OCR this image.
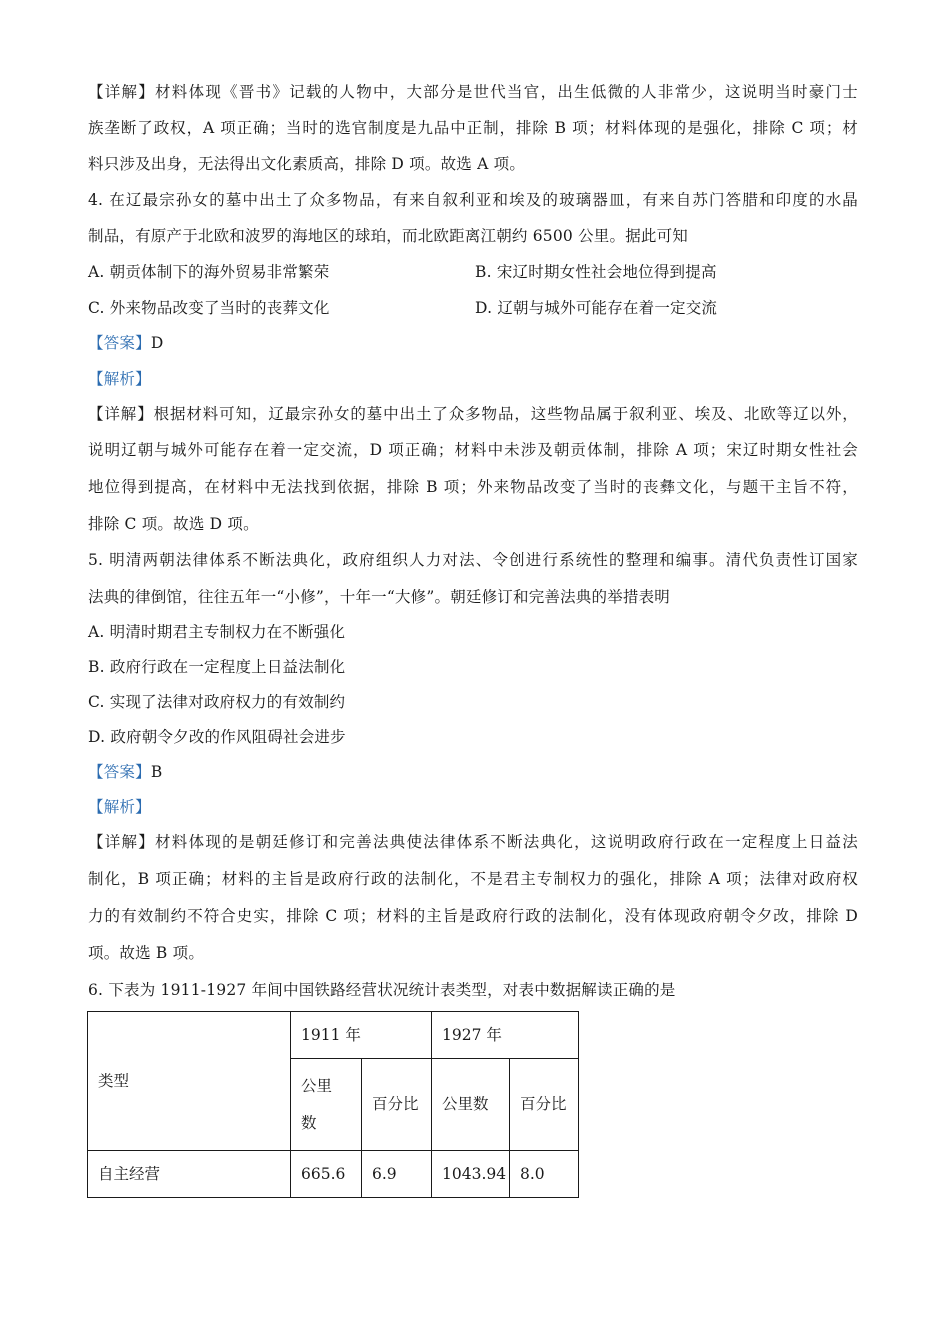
【详解】材料体现《晋书》记载的人物中，大部分是世代当官，出生低微的人非常少，这说明当时豪门士
族垄断了政权，A 项正确；当时的选官制度是九品中正制，排除 B 项；材料体现的是强化，排除 C 项；材
料只涉及出身，无法得出文化素质高，排除 D 项。故选 A 项。
4. 在辽最宗孙女的墓中出土了众多物品，有来自叙利亚和埃及的玻璃器皿，有来自苏门答腊和印度的水晶
制品，有原产于北欧和波罗的海地区的球珀，而北欧距离江朝约 6500 公里。据此可知
A. 朝贡体制下的海外贸易非常繁荣	B. 宋辽时期女性社会地位得到提高
C. 外来物品改变了当时的丧葬文化	D. 辽朝与城外可能存在着一定交流
【答案】D
【解析】
【详解】根据材料可知，辽最宗孙女的墓中出土了众多物品，这些物品属于叙利亚、埃及、北欧等辽以外，
说明辽朝与城外可能存在着一定交流，D 项正确；材料中未涉及朝贡体制，排除 A 项；宋辽时期女性社会
地位得到提高，在材料中无法找到依据，排除 B 项；外来物品改变了当时的丧彝文化，与题干主旨不符，
排除 C 项。故选 D 项。
5. 明清两朝法律体系不断法典化，政府组织人力对法、令创进行系统性的整理和编事。清代负责性订国家
法典的律倒馆，往往五年一“小修”，十年一“大修”。朝廷修订和完善法典的举措表明
A. 明清时期君主专制权力在不断强化
B. 政府行政在一定程度上日益法制化
C. 实现了法律对政府权力的有效制约
D. 政府朝令夕改的作风阻碍社会进步
【答案】B
【解析】
【详解】材料体现的是朝廷修订和完善法典使法律体系不断法典化，这说明政府行政在一定程度上日益法
制化，B 项正确；材料的主旨是政府行政的法制化，不是君主专制权力的强化，排除 A 项；法律对政府权
力的有效制约不符合史实，排除 C 项；材料的主旨是政府行政的法制化，没有体现政府朝令夕改，排除 D
项。故选 B 项。
6. 下表为 1911-1927 年间中国铁路经营状况统计表类型，对表中数据解读正确的是
类型	1911 年		1927 年	
	公里数	百分比	公里数	百分比
自主经营	665.6	6.9	1043.94	8.0
